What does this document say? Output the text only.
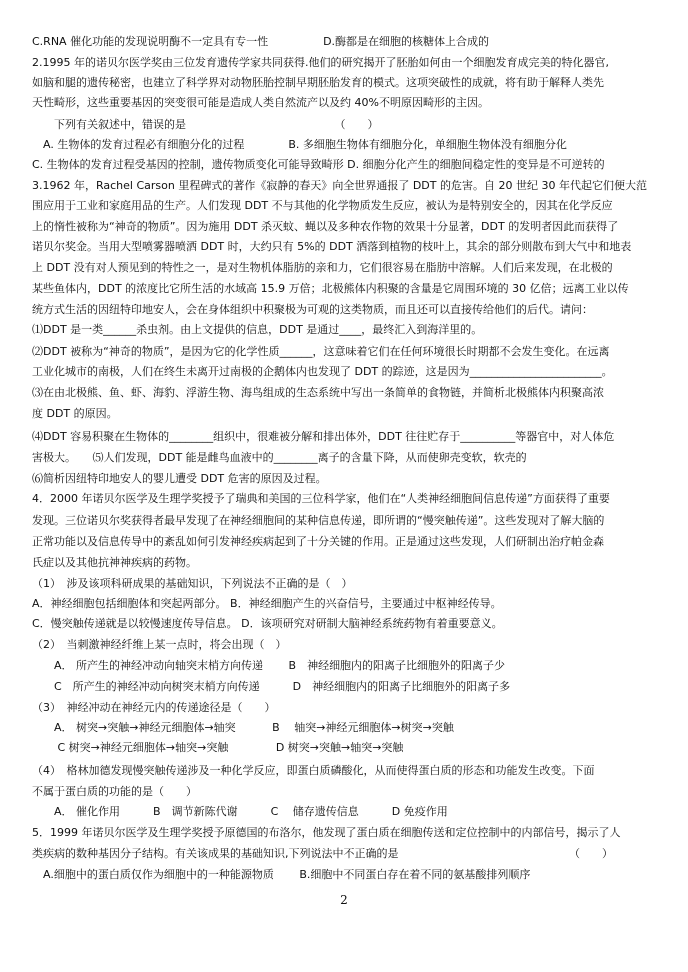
C.RNA 催化功能的发现说明酶不一定具有专一性　　　　　D.酶都是在细胞的核糖体上合成的
2.1995 年的诺贝尔医学奖由三位发育遗传学家共同获得.他们的研究揭开了胚胎如何由一个细胞发育成完美的特化器官,
如脑和腿的遗传秘密，也建立了科学界对动物胚胎控制早期胚胎发育的模式。这项突破性的成就，将有助于解释人类先
天性畸形，这些重要基因的突变很可能是造成人类自然流产以及约 40%不明原因畸形的主因。
　　下列有关叙述中，错误的是　　　　　　　　　　　　　　（　　）
　A. 生物体的发育过程必有细胞分化的过程　　　　B. 多细胞生物体有细胞分化，单细胞生物体没有细胞分化
C. 生物体的发育过程受基因的控制，遗传物质变化可能导致畸形 D. 细胞分化产生的细胞间稳定性的变异是不可逆转的
3.1962 年，Rachel Carson 里程碑式的著作《寂静的春天》向全世界通报了 DDT 的危害。自 20 世纪 30 年代起它们便大范
围应用于工业和家庭用品的生产。人们发现 DDT 不与其他的化学物质发生反应，被认为是特别安全的，因其在化学反应
上的惰性被称为“神奇的物质”。因为施用 DDT 杀灭蚊、蝇以及多种农作物的效果十分显著，DDT 的发明者因此而获得了
诺贝尔奖金。当用大型喷雾器喷洒 DDT 时，大约只有 5%的 DDT 洒落到植物的枝叶上，其余的部分则散布到大气中和地表
上 DDT 没有对人预见到的特性之一，是对生物机体脂肪的亲和力，它们很容易在脂肪中溶解。人们后来发现，在北极的
某些鱼体内，DDT 的浓度比它所生活的水域高 15.9 万倍；北极熊体内积聚的含量是它周围环境的 30 亿倍；远离工业以传
统方式生活的因纽特印地安人，会在身体组织中积聚极为可观的这类物质，而且还可以直接传给他们的后代。请问：
⑴DDT 是一类______杀虫剂。由上文提供的信息，DDT 是通过____，最终汇入到海洋里的。
⑵DDT 被称为“神奇的物质”，是因为它的化学性质______，这意味着它们在任何环境很长时期都不会发生变化。在远离
工业化城市的南极，人们在终生未离开过南极的企鹅体内也发现了 DDT 的踪迹，这是因为________________________。
⑶在由北极熊、鱼、虾、海豹、浮游生物、海鸟组成的生态系统中写出一条简单的食物链，并简析北极熊体内积聚高浓
度 DDT 的原因。
⑷DDT 容易积聚在生物体的________组织中，很难被分解和排出体外，DDT 往往贮存于__________等器官中，对人体危
害极大。　　⑸人们发现，DDT 能是雌鸟血液中的________离子的含量下降，从而使卵壳变软，软壳的
⑹简析因纽特印地安人的婴儿遭受 DDT 危害的原因及过程。
4．2000 年诺贝尔医学及生理学奖授予了瑞典和美国的三位科学家，他们在“人类神经细胞间信息传递”方面获得了重要
发现。三位诺贝尔奖获得者最早发现了在神经细胞间的某种信息传递，即所谓的“慢突触传递”。这些发现对了解大脑的
正常功能以及信息传导中的紊乱如何引发神经疾病起到了十分关键的作用。正是通过这些发现，人们研制出治疗帕金森
氏症以及其他抗神神疾病的药物。
（1）　涉及该项科研成果的基础知识，下列说法不正确的是（　）
A．神经细胞包括细胞体和突起两部分。 B．神经细胞产生的兴奋信号，主要通过中枢神经传导。
C．慢突触传递就是以较慢速度传导信息。 D．该项研究对研制大脑神经系统药物有着重要意义。
（2）　当刺激神经纤维上某一点时，将会出现（　）
　　A． 所产生的神经冲动向轴突末梢方向传递　　 B　神经细胞内的阳离子比细胞外的阳离子少
　　C　所产生的神经冲动向树突末梢方向传递　　　D　神经细胞内的阳离子比细胞外的阳离子多
（3）　神经冲动在神经元内的传递途径是（　　）
　　A． 树突→突触→神经元细胞体→轴突　　　 B　 轴突→神经元细胞体→树突→突触
　　 C 树突→神经元细胞体→轴突→突触　　　　 D 树突→突触→轴突→突触
（4）　格林加德发现慢突触传递涉及一种化学反应，即蛋白质磷酸化，从而使得蛋白质的形态和功能发生改变。下面
不属于蛋白质的功能的是（　　）
　　A． 催化作用　　　B　调节新陈代谢　　　C　 储存遗传信息　　　D 免疫作用
5．1999 年诺贝尔医学及生理学奖授予原德国的布洛尔，他发现了蛋白质在细胞传送和定位控制中的内部信号，揭示了人
类疾病的数种基因分子结构。有关该成果的基础知识,下列说法中不正确的是　　　　　　　　　　　　　　　　（　　）
　A.细胞中的蛋白质仅作为细胞中的一种能源物质　　 B.细胞中不同蛋白存在着不同的氨基酸排列顺序
2
